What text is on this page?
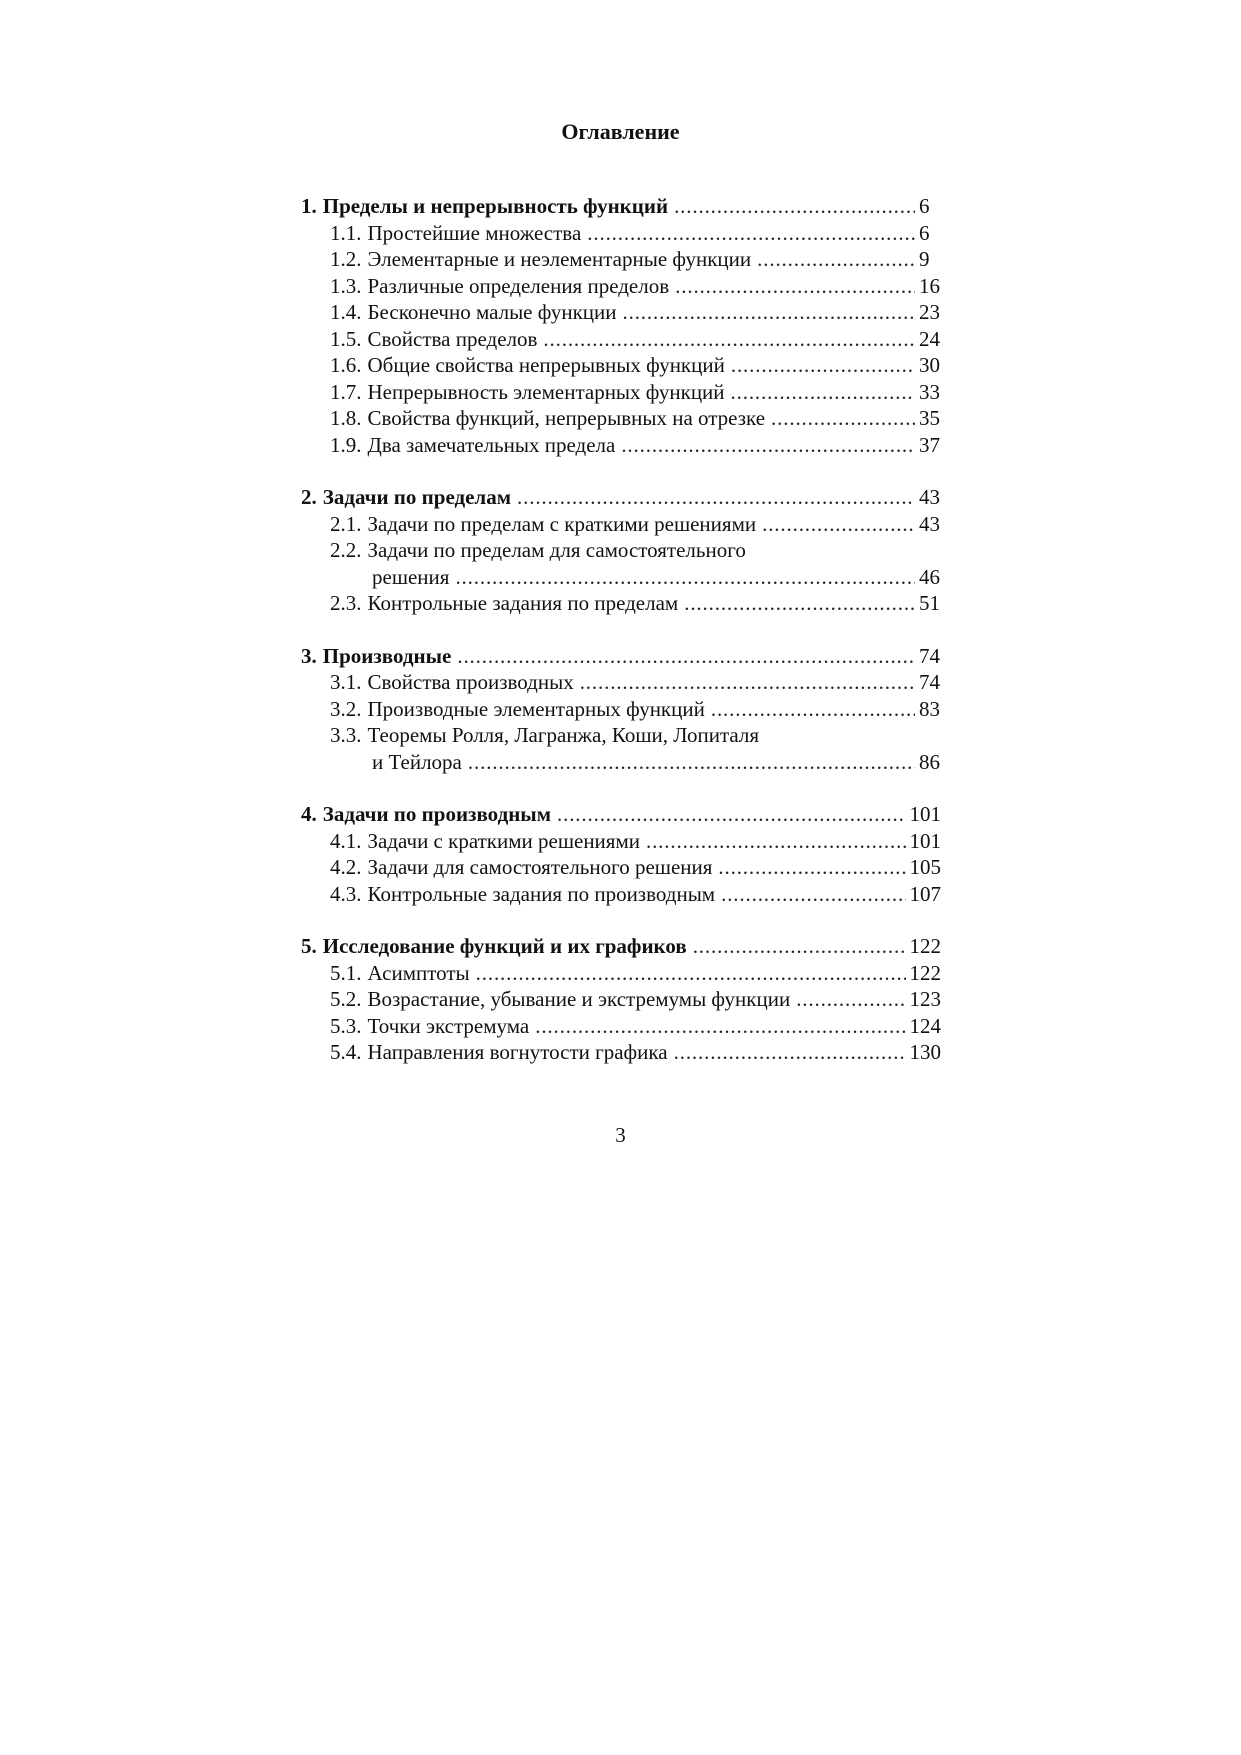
Оглавление
1. Пределы и непрерывность функций . . .	6
1.1. Простейшие множества . . .	6
1.2. Элементарные и неэлементарные функции . . .	9
1.3. Различные определения пределов . . .	16
1.4. Бесконечно малые функции . . .	23
1.5. Свойства пределов . . .	24
1.6. Общие свойства непрерывных функций . . .	30
1.7. Непрерывность элементарных функций . . .	33
1.8. Свойства функций, непрерывных на отрезке . . .	35
1.9. Два замечательных предела . . .	37
2. Задачи по пределам . . .	43
2.1. Задачи по пределам с краткими решениями . . .	43
2.2. Задачи по пределам для самостоятельного
решения . . .	46
2.3. Контрольные задания по пределам . . .	51
3. Производные . . .	74
3.1. Свойства производных . . .	74
3.2. Производные элементарных функций . . .	83
3.3. Теоремы Ролля, Лагранжа, Коши, Лопиталя
и Тейлора . . .	86
4. Задачи по производным . . .	101
4.1. Задачи с краткими решениями . . .	101
4.2. Задачи для самостоятельного решения . . .	105
4.3. Контрольные задания по производным . . .	107
5. Исследование функций и их графиков . . .	122
5.1. Асимптоты . . .	122
5.2. Возрастание, убывание и экстремумы функции . . .	123
5.3. Точки экстремума . . .	124
5.4. Направления вогнутости графика . . .	130
3
